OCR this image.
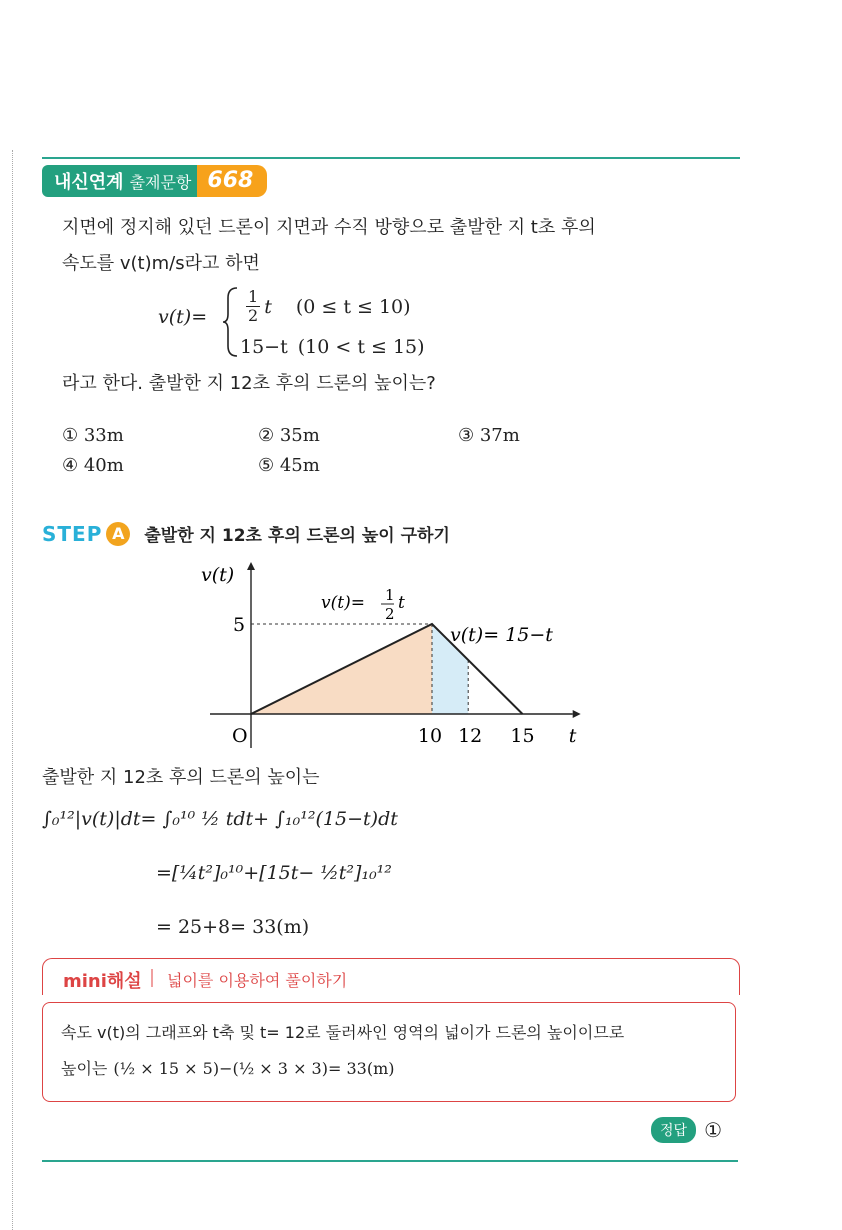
내신연계 출제문항 668
지면에 정지해 있던 드론이 지면과 수직 방향으로 출발한 지 t초 후의
속도를 v(t)m/s라고 하면
$v(t)= \frac{1}{2}$ t (0 ≤ t ≤ 10)
15−t (10 < t ≤ 15)
라고 한다. 출발한 지 12초 후의 드론의 높이는?
① 33m	② 35m	③ 37m
④ 40m	⑤ 45m
STEP A	출발한 지 12초 후의 드론의 높이 구하기
v(t)
t
O
5
10 12 15
v(t)= 1
2
t
v(t)= 15−t
출발한 지 12초 후의 드론의 높이는
∫₀¹²|v(t)|dt= ∫₀¹⁰ ½ tdt+ ∫₁₀¹²(15−t)dt
=[¼t²]₀¹⁰+[15t− ½t²]₁₀¹²
= 25+8= 33(m)
mini해설 넓이를 이용하여 풀이하기
속도 v(t)의 그래프와 t축 및 t= 12로 둘러싸인 영역의 넓이가 드론의 높이이므로
높이는 (½ × 15 × 5)−(½ × 3 × 3)= 33(m)
정답 ①
